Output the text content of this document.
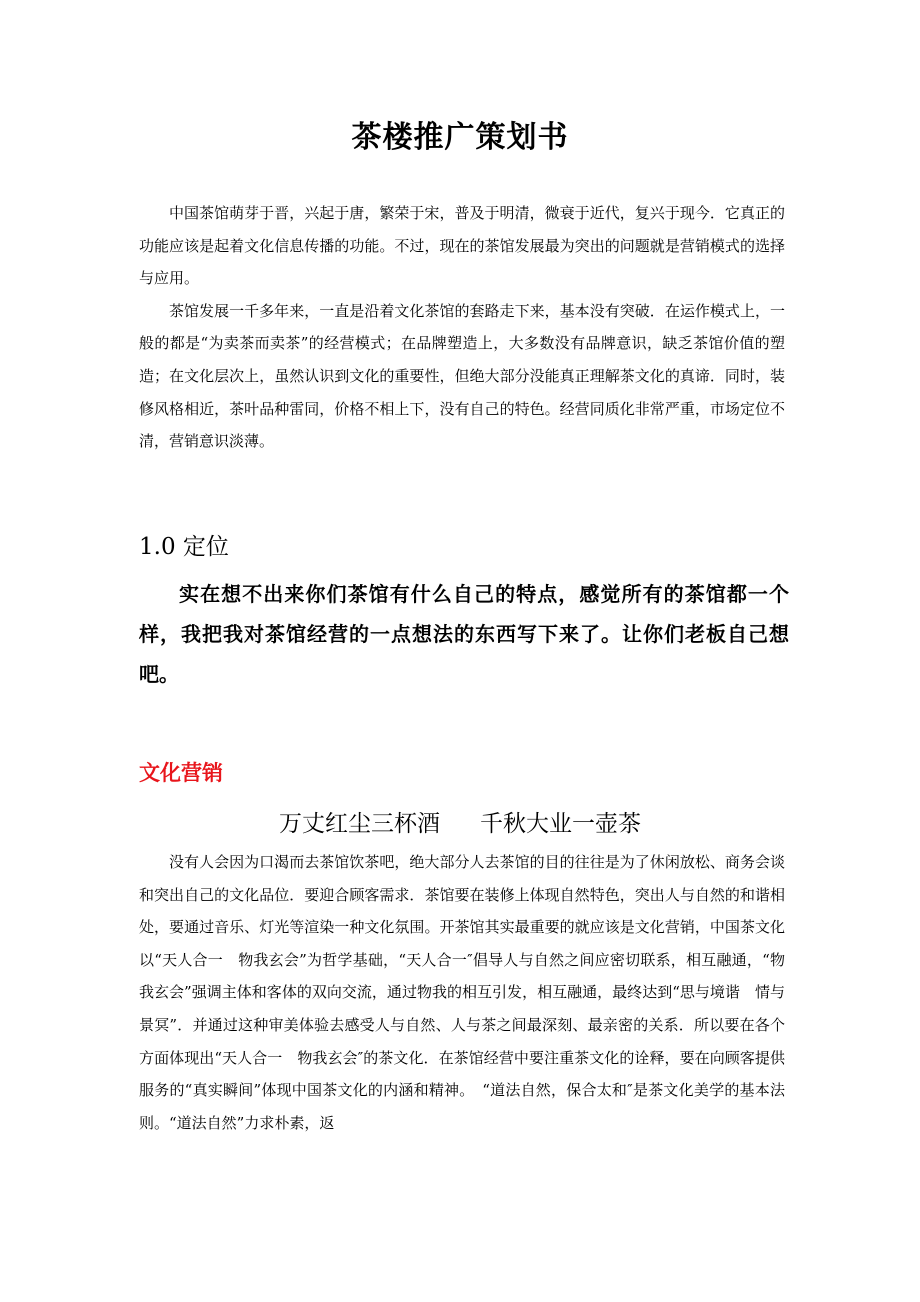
茶楼推广策划书

中国茶馆萌芽于晋，兴起于唐，繁荣于宋，普及于明清，微衰于近代，复兴于现今．它真正的功能应该是起着文化信息传播的功能。不过，现在的茶馆发展最为突出的问题就是营销模式的选择与应用。

茶馆发展一千多年来，一直是沿着文化茶馆的套路走下来，基本没有突破．在运作模式上，一般的都是“为卖茶而卖茶”的经营模式；在品牌塑造上，大多数没有品牌意识，缺乏茶馆价值的塑造；在文化层次上，虽然认识到文化的重要性，但绝大部分没能真正理解茶文化的真谛．同时，装修风格相近，茶叶品种雷同，价格不相上下，没有自己的特色。经营同质化非常严重，市场定位不清，营销意识淡薄。

1.0 定位

实在想不出来你们茶馆有什么自己的特点，感觉所有的茶馆都一个样，我把我对茶馆经营的一点想法的东西写下来了。让你们老板自己想吧。

文化营销

万丈红尘三杯酒 千秋大业一壶茶

没有人会因为口渴而去茶馆饮茶吧，绝大部分人去茶馆的目的往往是为了休闲放松、商务会谈和突出自己的文化品位．要迎合顾客需求．茶馆要在装修上体现自然特色，突出人与自然的和谐相处，要通过音乐、灯光等渲染一种文化氛围。开茶馆其实最重要的就应该是文化营销，中国茶文化以“天人合一　物我玄会”为哲学基础，“天人合一″倡导人与自然之间应密切联系，相互融通，“物我玄会”强调主体和客体的双向交流，通过物我的相互引发，相互融通，最终达到“思与境谐　情与景冥”．并通过这种审美体验去感受人与自然、人与茶之间最深刻、最亲密的关系．所以要在各个方面体现出“天人合一　物我玄会″的茶文化．在茶馆经营中要注重茶文化的诠释，要在向顾客提供服务的“真实瞬间”体现中国茶文化的内涵和精神。　“道法自然，保合太和″是茶文化美学的基本法则。“道法自然”力求朴素，返
